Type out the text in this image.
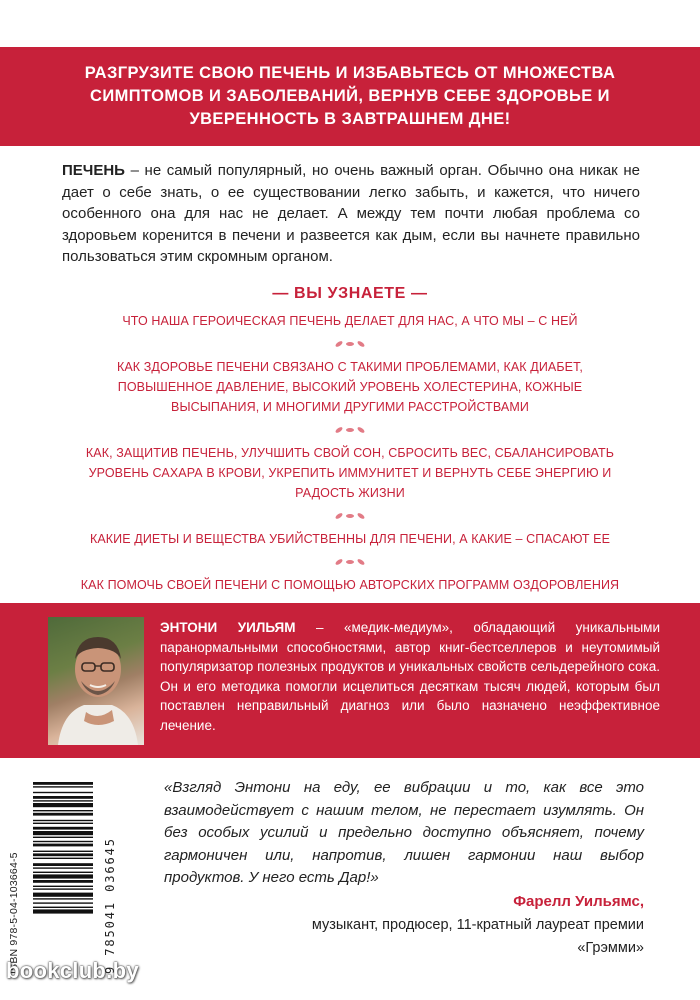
РАЗГРУЗИТЕ СВОЮ ПЕЧЕНЬ И ИЗБАВЬТЕСЬ ОТ МНОЖЕСТВА СИМПТОМОВ И ЗАБОЛЕВАНИЙ, ВЕРНУВ СЕБЕ ЗДОРОВЬЕ И УВЕРЕННОСТЬ В ЗАВТРАШНЕМ ДНЕ!
ПЕЧЕНЬ – не самый популярный, но очень важный орган. Обычно она никак не дает о себе знать, о ее существовании легко забыть, и кажется, что ничего особенного она для нас не делает. А между тем почти любая проблема со здоровьем коренится в печени и развеется как дым, если вы начнете правильно пользоваться этим скромным органом.
— ВЫ УЗНАЕТЕ —
ЧТО НАША ГЕРОИЧЕСКАЯ ПЕЧЕНЬ ДЕЛАЕТ ДЛЯ НАС, А ЧТО МЫ – С НЕЙ
КАК ЗДОРОВЬЕ ПЕЧЕНИ СВЯЗАНО С ТАКИМИ ПРОБЛЕМАМИ, КАК ДИАБЕТ, ПОВЫШЕННОЕ ДАВЛЕНИЕ, ВЫСОКИЙ УРОВЕНЬ ХОЛЕСТЕРИНА, КОЖНЫЕ ВЫСЫПАНИЯ, И МНОГИМИ ДРУГИМИ РАССТРОЙСТВАМИ
КАК, ЗАЩИТИВ ПЕЧЕНЬ, УЛУЧШИТЬ СВОЙ СОН, СБРОСИТЬ ВЕС, СБАЛАНСИРОВАТЬ УРОВЕНЬ САХАРА В КРОВИ, УКРЕПИТЬ ИММУНИТЕТ И ВЕРНУТЬ СЕБЕ ЭНЕРГИЮ И РАДОСТЬ ЖИЗНИ
КАКИЕ ДИЕТЫ И ВЕЩЕСТВА УБИЙСТВЕННЫ ДЛЯ ПЕЧЕНИ, А КАКИЕ – СПАСАЮТ ЕЕ
КАК ПОМОЧЬ СВОЕЙ ПЕЧЕНИ С ПОМОЩЬЮ АВТОРСКИХ ПРОГРАММ ОЗДОРОВЛЕНИЯ
ЭНТОНИ УИЛЬЯМ – «медик-медиум», обладающий уникальными паранормальными способностями, автор книг-бестселлеров и неутомимый популяризатор полезных продуктов и уникальных свойств сельдерейного сока. Он и его методика помогли исцелиться десяткам тысяч людей, которым был поставлен неправильный диагноз или было назначено неэффективное лечение.
ISBN 978-5-04-103664-5	9 785041 036645
«Взгляд Энтони на еду, ее вибрации и то, как все это взаимодействует с нашим телом, не перестает изумлять. Он без особых усилий и предельно доступно объясняет, почему гармоничен или, напротив, лишен гармонии наш выбор продуктов. У него есть Дар!»
Фарелл Уильямс,
музыкант, продюсер, 11-кратный лауреат премии «Грэмми»
bookclub.by
